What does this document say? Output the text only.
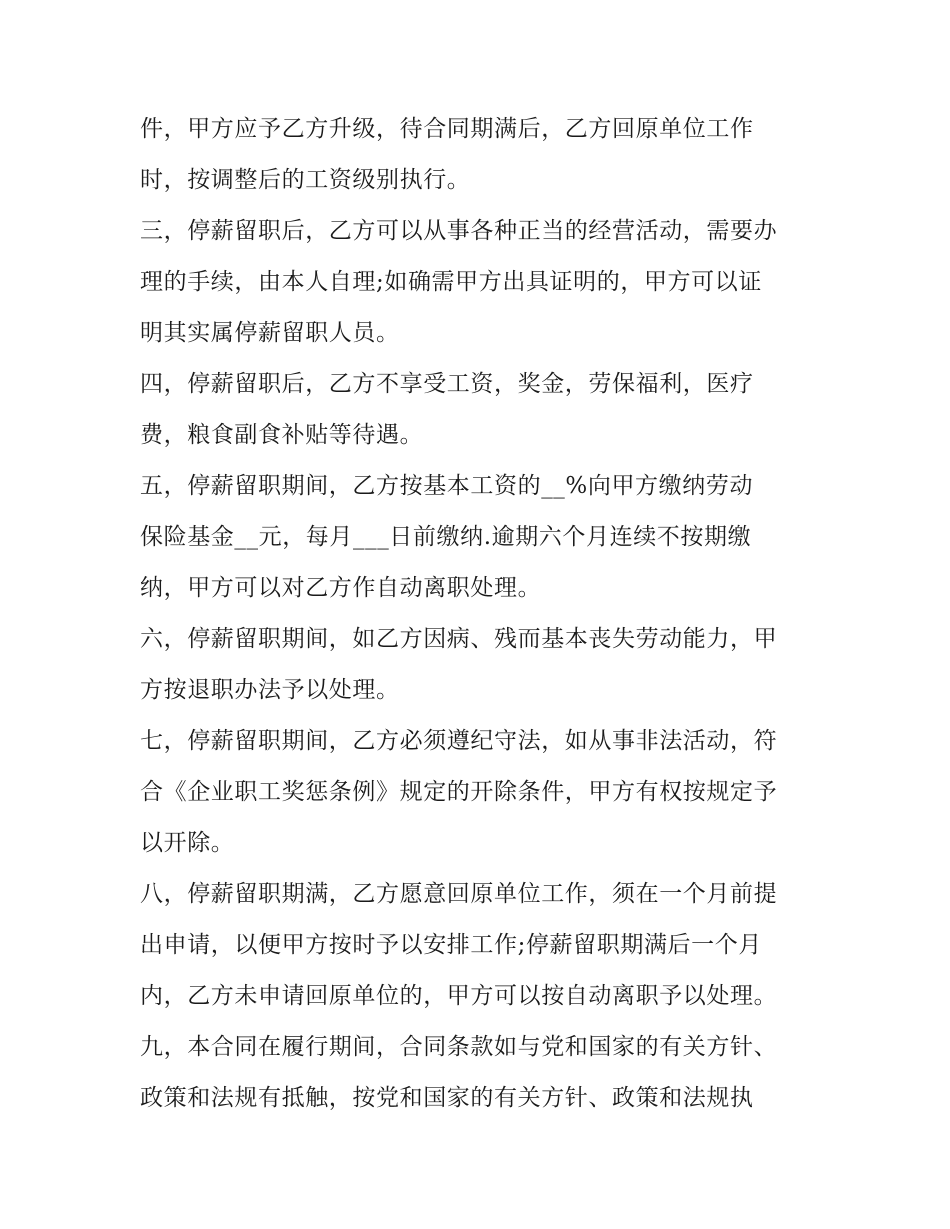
件，甲方应予乙方升级，待合同期满后，乙方回原单位工作
时，按调整后的工资级别执行。
三，停薪留职后，乙方可以从事各种正当的经营活动，需要办
理的手续，由本人自理;如确需甲方出具证明的，甲方可以证
明其实属停薪留职人员。
四，停薪留职后，乙方不享受工资，奖金，劳保福利，医疗
费，粮食副食补贴等待遇。
五，停薪留职期间，乙方按基本工资的__%向甲方缴纳劳动
保险基金__元，每月___日前缴纳.逾期六个月连续不按期缴
纳，甲方可以对乙方作自动离职处理。
六，停薪留职期间，如乙方因病、残而基本丧失劳动能力，甲
方按退职办法予以处理。
七，停薪留职期间，乙方必须遵纪守法，如从事非法活动，符
合《企业职工奖惩条例》规定的开除条件，甲方有权按规定予
以开除。
八，停薪留职期满，乙方愿意回原单位工作，须在一个月前提
出申请，以便甲方按时予以安排工作;停薪留职期满后一个月
内，乙方未申请回原单位的，甲方可以按自动离职予以处理。
九，本合同在履行期间，合同条款如与党和国家的有关方针、
政策和法规有抵触，按党和国家的有关方针、政策和法规执
